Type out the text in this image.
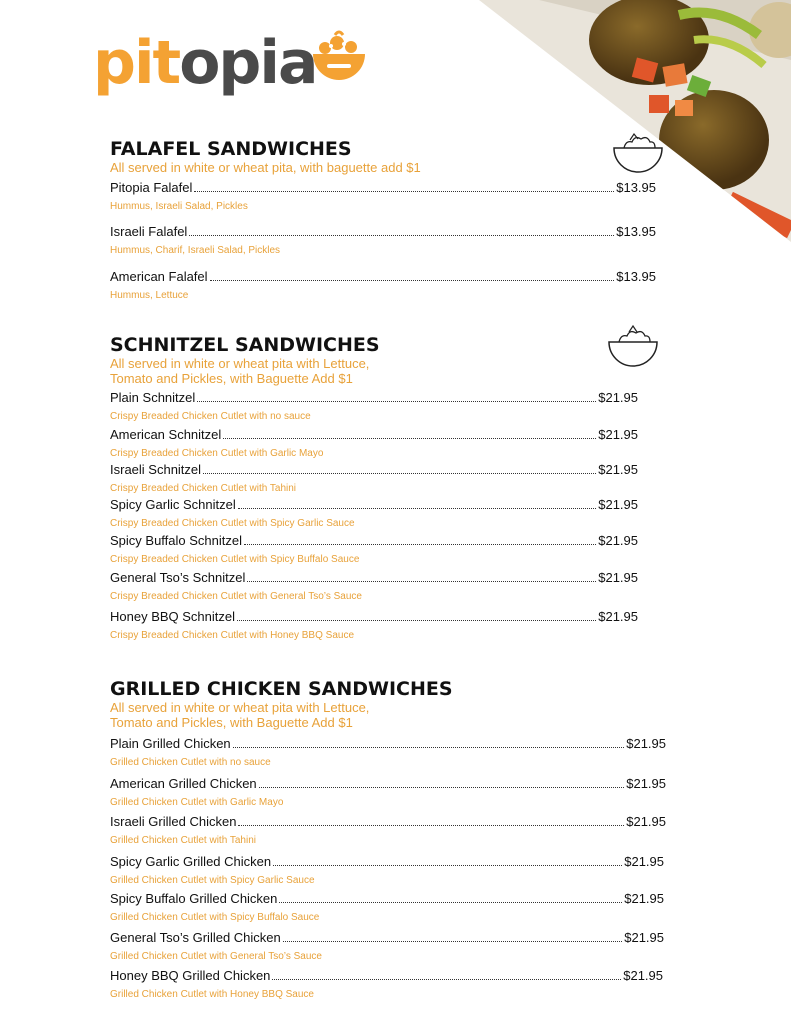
pitopia
FALAFEL SANDWICHES

All served in white or wheat pita, with baguette add $1

Pitopia Falafel	$13.95
Hummus, Israeli Salad, Pickles
Israeli Falafel	$13.95
Hummus, Charif, Israeli Salad, Pickles
American Falafel	$13.95
Hummus, Lettuce
SCHNITZEL SANDWICHES

All served in white or wheat pita with Lettuce,
Tomato and Pickles, with Baguette Add $1

Plain Schnitzel	$21.95
Crispy Breaded Chicken Cutlet with no sauce
American Schnitzel	$21.95
Crispy Breaded Chicken Cutlet with Garlic Mayo
Israeli Schnitzel	$21.95
Crispy Breaded Chicken Cutlet with Tahini
Spicy Garlic Schnitzel	$21.95
Crispy Breaded Chicken Cutlet with Spicy Garlic Sauce
Spicy Buffalo Schnitzel	$21.95
Crispy Breaded Chicken Cutlet with Spicy Buffalo Sauce
General Tso’s Schnitzel	$21.95
Crispy Breaded Chicken Cutlet with General Tso’s Sauce
Honey BBQ Schnitzel	$21.95
Crispy Breaded Chicken Cutlet with Honey BBQ Sauce
GRILLED CHICKEN SANDWICHES

All served in white or wheat pita with Lettuce,
Tomato and Pickles, with Baguette Add $1

Plain Grilled Chicken	$21.95
Grilled Chicken Cutlet with no sauce
American Grilled Chicken	$21.95
Grilled Chicken Cutlet with Garlic Mayo
Israeli Grilled Chicken	$21.95
Grilled Chicken Cutlet with Tahini
Spicy Garlic Grilled Chicken	$21.95
Grilled Chicken Cutlet with Spicy Garlic Sauce
Spicy Buffalo Grilled Chicken	$21.95
Grilled Chicken Cutlet with Spicy Buffalo Sauce
General Tso’s Grilled Chicken	$21.95
Grilled Chicken Cutlet with General Tso’s Sauce
Honey BBQ Grilled Chicken	$21.95
Grilled Chicken Cutlet with Honey BBQ Sauce
